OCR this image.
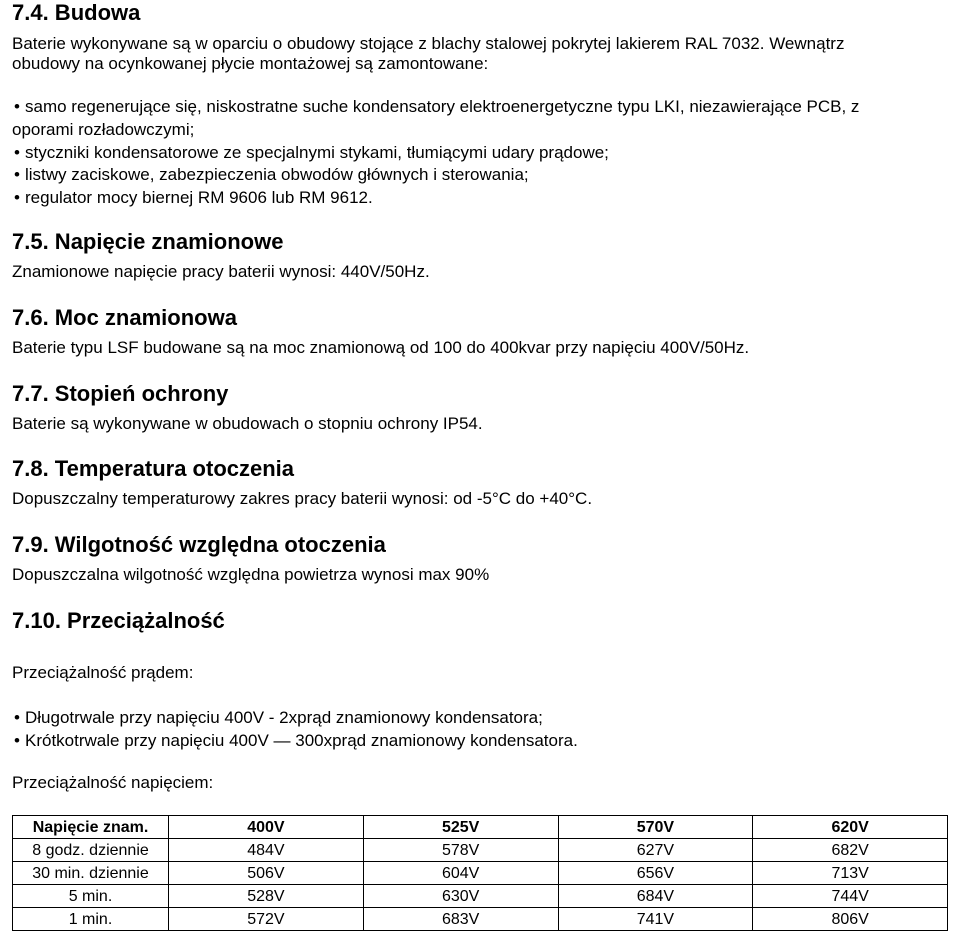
7.4. Budowa
Baterie wykonywane są w oparciu o obudowy stojące z blachy stalowej pokrytej lakierem RAL 7032. Wewnątrz
obudowy na ocynkowanej płycie montażowej są zamontowane:
• samo regenerujące się, niskostratne suche kondensatory elektroenergetyczne typu LKI, niezawierające PCB, z
oporami rozładowczymi;
• styczniki kondensatorowe ze specjalnymi stykami, tłumiącymi udary prądowe;
• listwy zaciskowe, zabezpieczenia obwodów głównych i sterowania;
• regulator mocy biernej RM 9606 lub RM 9612.
7.5. Napięcie znamionowe
Znamionowe napięcie pracy baterii wynosi: 440V/50Hz.
7.6. Moc znamionowa
Baterie typu LSF budowane są na moc znamionową od 100 do 400kvar przy napięciu 400V/50Hz.
7.7. Stopień ochrony
Baterie są wykonywane w obudowach o stopniu ochrony IP54.
7.8. Temperatura otoczenia
Dopuszczalny temperaturowy zakres pracy baterii wynosi: od -5°C do +40°C.
7.9. Wilgotność względna otoczenia
Dopuszczalna wilgotność względna powietrza wynosi max 90%
7.10. Przeciążalność
Przeciążalność prądem:
• Długotrwale przy napięciu 400V - 2xprąd znamionowy kondensatora;
• Krótkotrwale przy napięciu 400V — 300xprąd znamionowy kondensatora.
Przeciążalność napięciem:
Napięcie znam.	400V	525V	570V	620V
8 godz. dziennie	484V	578V	627V	682V
30 min. dziennie	506V	604V	656V	713V
5 min.	528V	630V	684V	744V
1 min.	572V	683V	741V	806V
